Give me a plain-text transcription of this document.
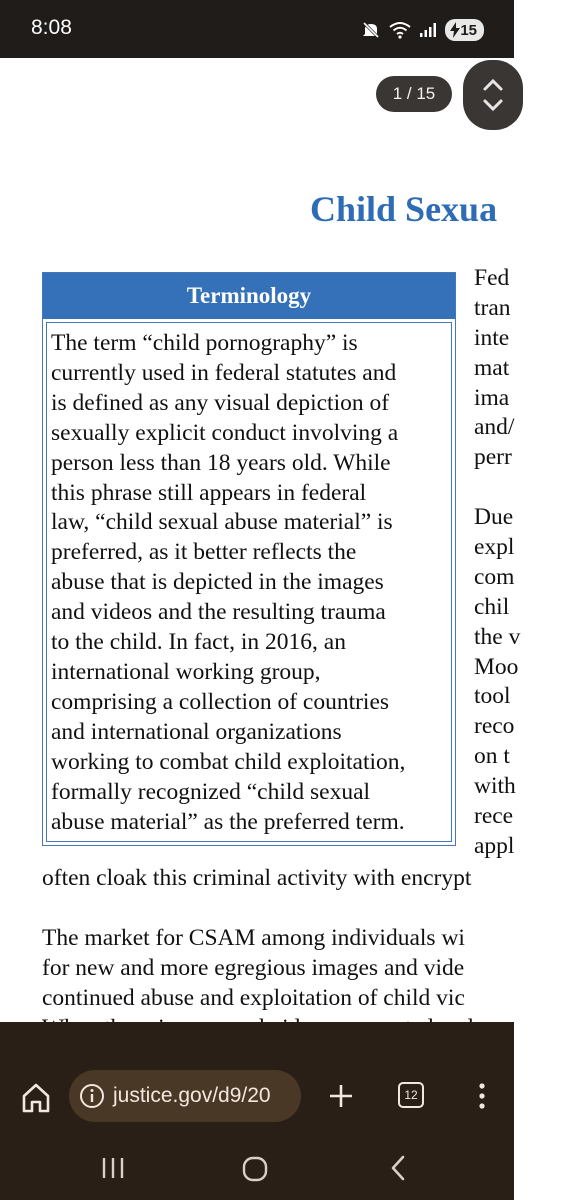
8:08	15
1 / 15
Child Sexua
Terminology
The term “child pornography” is
currently used in federal statutes and
is defined as any visual depiction of
sexually explicit conduct involving a
person less than 18 years old. While
this phrase still appears in federal
law, “child sexual abuse material” is
preferred, as it better reflects the
abuse that is depicted in the images
and videos and the resulting trauma
to the child. In fact, in 2016, an
international working group,
comprising a collection of countries
and international organizations
working to combat child exploitation,
formally recognized “child sexual
abuse material” as the preferred term.
Fed
tran
inte
mat
ima
and/
perr
Due
expl
com
chil
the v
Moo
tool
reco
on t
with
rece
appl
often cloak this criminal activity with encrypt
The market for CSAM among individuals wi
for new and more egregious images and vide
continued abuse and exploitation of child vic
justice.gov/d9/20	12
